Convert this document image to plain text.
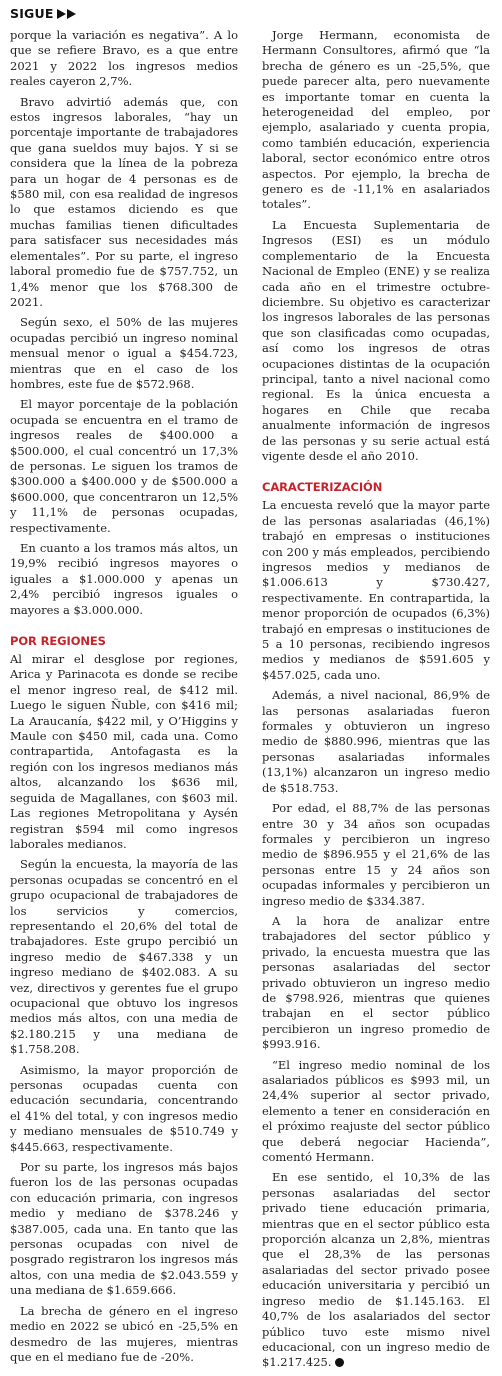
SIGUE

porque la variación es negativa”. A lo que se refiere Bravo, es a que entre 2021 y 2022 los ingresos medios reales cayeron 2,7%.

Bravo advirtió además que, con estos ingresos laborales, “hay un porcentaje importante de trabajadores que gana sueldos muy bajos. Y si se considera que la línea de la pobreza para un hogar de 4 personas es de $580 mil, con esa realidad de ingresos lo que estamos diciendo es que muchas familias tienen dificultades para satisfacer sus necesidades más elementales”. Por su parte, el ingreso laboral promedio fue de $757.752, un 1,4% menor que los $768.300 de 2021.

Según sexo, el 50% de las mujeres ocupadas percibió un ingreso nominal mensual menor o igual a $454.723, mientras que en el caso de los hombres, este fue de $572.968.

El mayor porcentaje de la población ocupada se encuentra en el tramo de ingresos reales de $400.000 a $500.000, el cual concentró un 17,3% de personas. Le siguen los tramos de $300.000 a $400.000 y de $500.000 a $600.000, que concentraron un 12,5% y 11,1% de personas ocupadas, respectivamente.

En cuanto a los tramos más altos, un 19,9% recibió ingresos mayores o iguales a $1.000.000 y apenas un 2,4% percibió ingresos iguales o mayores a $3.000.000.

POR REGIONES

Al mirar el desglose por regiones, Arica y Parinacota es donde se recibe el menor ingreso real, de $412 mil. Luego le siguen Ñuble, con $416 mil; La Araucanía, $422 mil, y O’Higgins y Maule con $450 mil, cada una. Como contrapartida, Antofagasta es la región con los ingresos medianos más altos, alcanzando los $636 mil, seguida de Magallanes, con $603 mil. Las regiones Metropolitana y Aysén registran $594 mil como ingresos laborales medianos.

Según la encuesta, la mayoría de las personas ocupadas se concentró en el grupo ocupacional de trabajadores de los servicios y comercios, representando el 20,6% del total de trabajadores. Este grupo percibió un ingreso medio de $467.338 y un ingreso mediano de $402.083. A su vez, directivos y gerentes fue el grupo ocupacional que obtuvo los ingresos medios más altos, con una media de $2.180.215 y una mediana de $1.758.208.

Asimismo, la mayor proporción de personas ocupadas cuenta con educación secundaria, concentrando el 41% del total, y con ingresos medio y mediano mensuales de $510.749 y $445.663, respectivamente.

Por su parte, los ingresos más bajos fueron los de las personas ocupadas con educación primaria, con ingresos medio y mediano de $378.246 y $387.005, cada una. En tanto que las personas ocupadas con nivel de posgrado registraron los ingresos más altos, con una media de $2.043.559 y una mediana de $1.659.666.

La brecha de género en el ingreso medio en 2022 se ubicó en -25,5% en desmedro de las mujeres, mientras que en el mediano fue de -20%.

Jorge Hermann, economista de Hermann Consultores, afirmó que “la brecha de género es un -25,5%, que puede parecer alta, pero nuevamente es importante tomar en cuenta la heterogeneidad del empleo, por ejemplo, asalariado y cuenta propia, como también educación, experiencia laboral, sector económico entre otros aspectos. Por ejemplo, la brecha de genero es de -11,1% en asalariados totales”.

La Encuesta Suplementaria de Ingresos (ESI) es un módulo complementario de la Encuesta Nacional de Empleo (ENE) y se realiza cada año en el trimestre octubre-diciembre. Su objetivo es caracterizar los ingresos laborales de las personas que son clasificadas como ocupadas, así como los ingresos de otras ocupaciones distintas de la ocupación principal, tanto a nivel nacional como regional. Es la única encuesta a hogares en Chile que recaba anualmente información de ingresos de las personas y su serie actual está vigente desde el año 2010.

CARACTERIZACIÓN

La encuesta reveló que la mayor parte de las personas asalariadas (46,1%) trabajó en empresas o instituciones con 200 y más empleados, percibiendo ingresos medios y medianos de $1.006.613 y $730.427, respectivamente. En contrapartida, la menor proporción de ocupados (6,3%) trabajó en empresas o instituciones de 5 a 10 personas, recibiendo ingresos medios y medianos de $591.605 y $457.025, cada uno.

Además, a nivel nacional, 86,9% de las personas asalariadas fueron formales y obtuvieron un ingreso medio de $880.996, mientras que las personas asalariadas informales (13,1%) alcanzaron un ingreso medio de $518.753.

Por edad, el 88,7% de las personas entre 30 y 34 años son ocupadas formales y percibieron un ingreso medio de $896.955 y el 21,6% de las personas entre 15 y 24 años son ocupadas informales y percibieron un ingreso medio de $334.387.

A la hora de analizar entre trabajadores del sector público y privado, la encuesta muestra que las personas asalariadas del sector privado obtuvieron un ingreso medio de $798.926, mientras que quienes trabajan en el sector público percibieron un ingreso promedio de $993.916.

“El ingreso medio nominal de los asalariados públicos es $993 mil, un 24,4% superior al sector privado, elemento a tener en consideración en el próximo reajuste del sector público que deberá negociar Hacienda”, comentó Hermann.

En ese sentido, el 10,3% de las personas asalariadas del sector privado tiene educación primaria, mientras que en el sector público esta proporción alcanza un 2,8%, mientras que el 28,3% de las personas asalariadas del sector privado posee educación universitaria y percibió un ingreso medio de $1.145.163. El 40,7% de los asalariados del sector público tuvo este mismo nivel educacional, con un ingreso medio de $1.217.425.
